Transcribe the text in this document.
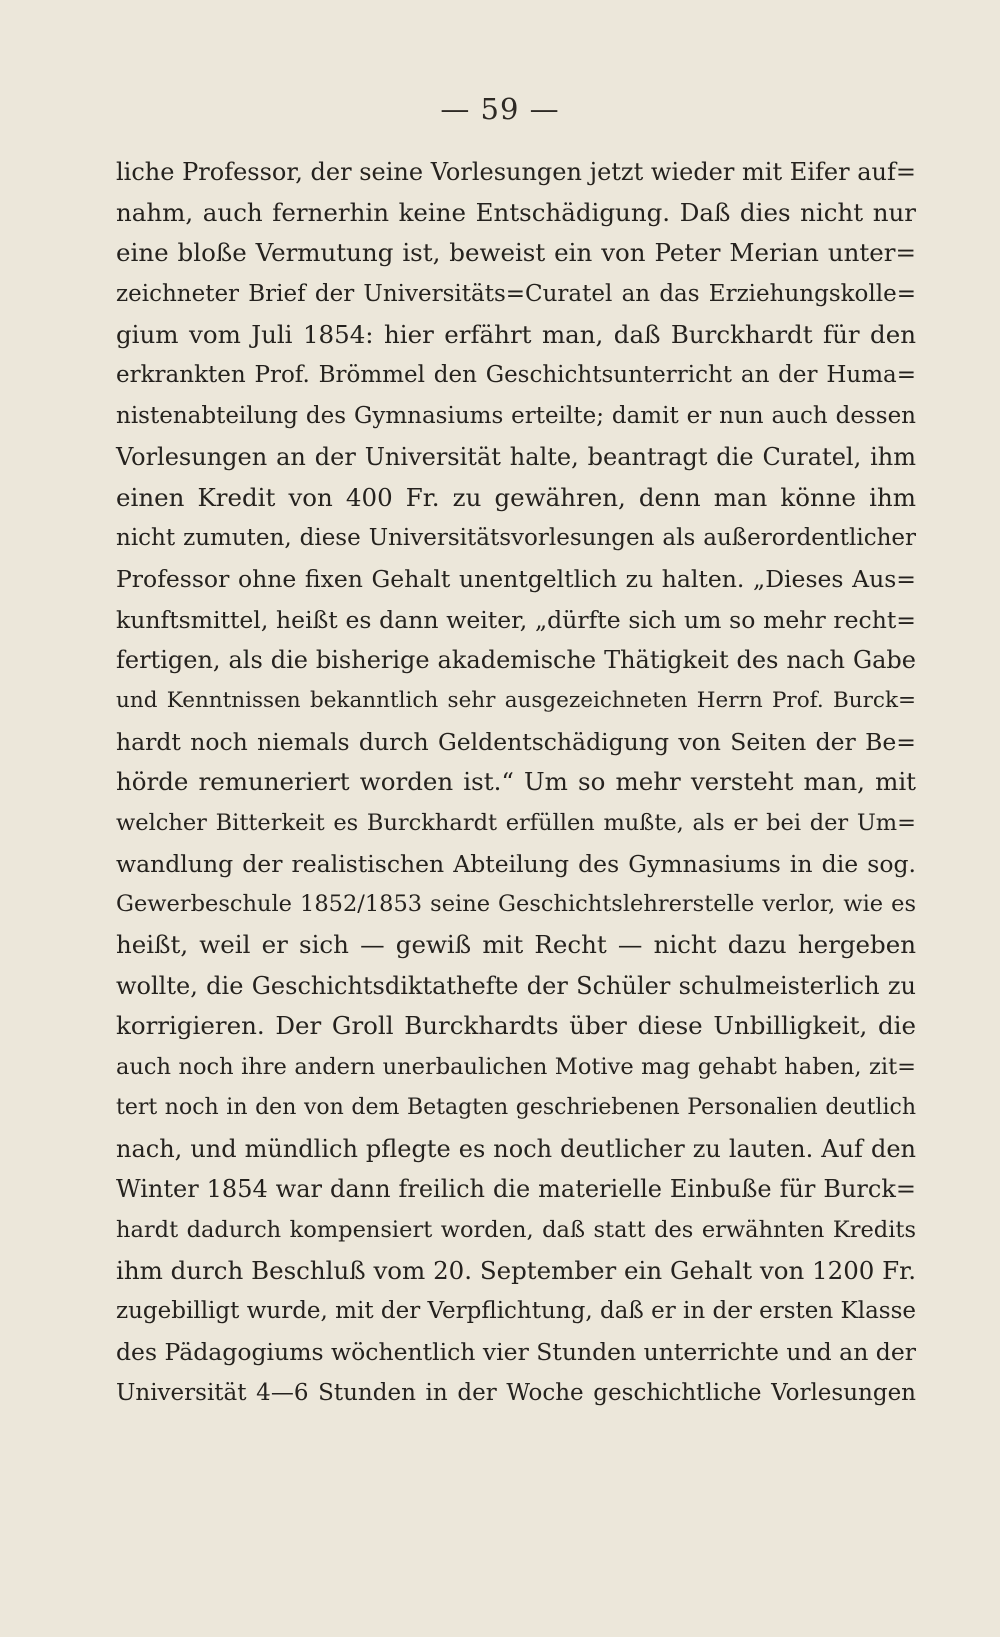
— 59 —
liche Professor, der seine Vorlesungen jetzt wieder mit Eifer auf=
nahm, auch fernerhin keine Entschädigung. Daß dies nicht nur
eine bloße Vermutung ist, beweist ein von Peter Merian unter=
zeichneter Brief der Universitäts=Curatel an das Erziehungskolle=
gium vom Juli 1854: hier erfährt man, daß Burckhardt für den
erkrankten Prof. Brömmel den Geschichtsunterricht an der Huma=
nistenabteilung des Gymnasiums erteilte; damit er nun auch dessen
Vorlesungen an der Universität halte, beantragt die Curatel, ihm
einen Kredit von 400 Fr. zu gewähren, denn man könne ihm
nicht zumuten, diese Universitätsvorlesungen als außerordentlicher
Professor ohne fixen Gehalt unentgeltlich zu halten. „Dieses Aus=
kunftsmittel, heißt es dann weiter, „dürfte sich um so mehr recht=
fertigen, als die bisherige akademische Thätigkeit des nach Gabe
und Kenntnissen bekanntlich sehr ausgezeichneten Herrn Prof. Burck=
hardt noch niemals durch Geldentschädigung von Seiten der Be=
hörde remuneriert worden ist.“ Um so mehr versteht man, mit
welcher Bitterkeit es Burckhardt erfüllen mußte, als er bei der Um=
wandlung der realistischen Abteilung des Gymnasiums in die sog.
Gewerbeschule 1852/1853 seine Geschichtslehrerstelle verlor, wie es
heißt, weil er sich — gewiß mit Recht — nicht dazu hergeben
wollte, die Geschichtsdiktathefte der Schüler schulmeisterlich zu
korrigieren. Der Groll Burckhardts über diese Unbilligkeit, die
auch noch ihre andern unerbaulichen Motive mag gehabt haben, zit=
tert noch in den von dem Betagten geschriebenen Personalien deutlich
nach, und mündlich pflegte es noch deutlicher zu lauten. Auf den
Winter 1854 war dann freilich die materielle Einbuße für Burck=
hardt dadurch kompensiert worden, daß statt des erwähnten Kredits
ihm durch Beschluß vom 20. September ein Gehalt von 1200 Fr.
zugebilligt wurde, mit der Verpflichtung, daß er in der ersten Klasse
des Pädagogiums wöchentlich vier Stunden unterrichte und an der
Universität 4—6 Stunden in der Woche geschichtliche Vorlesungen
